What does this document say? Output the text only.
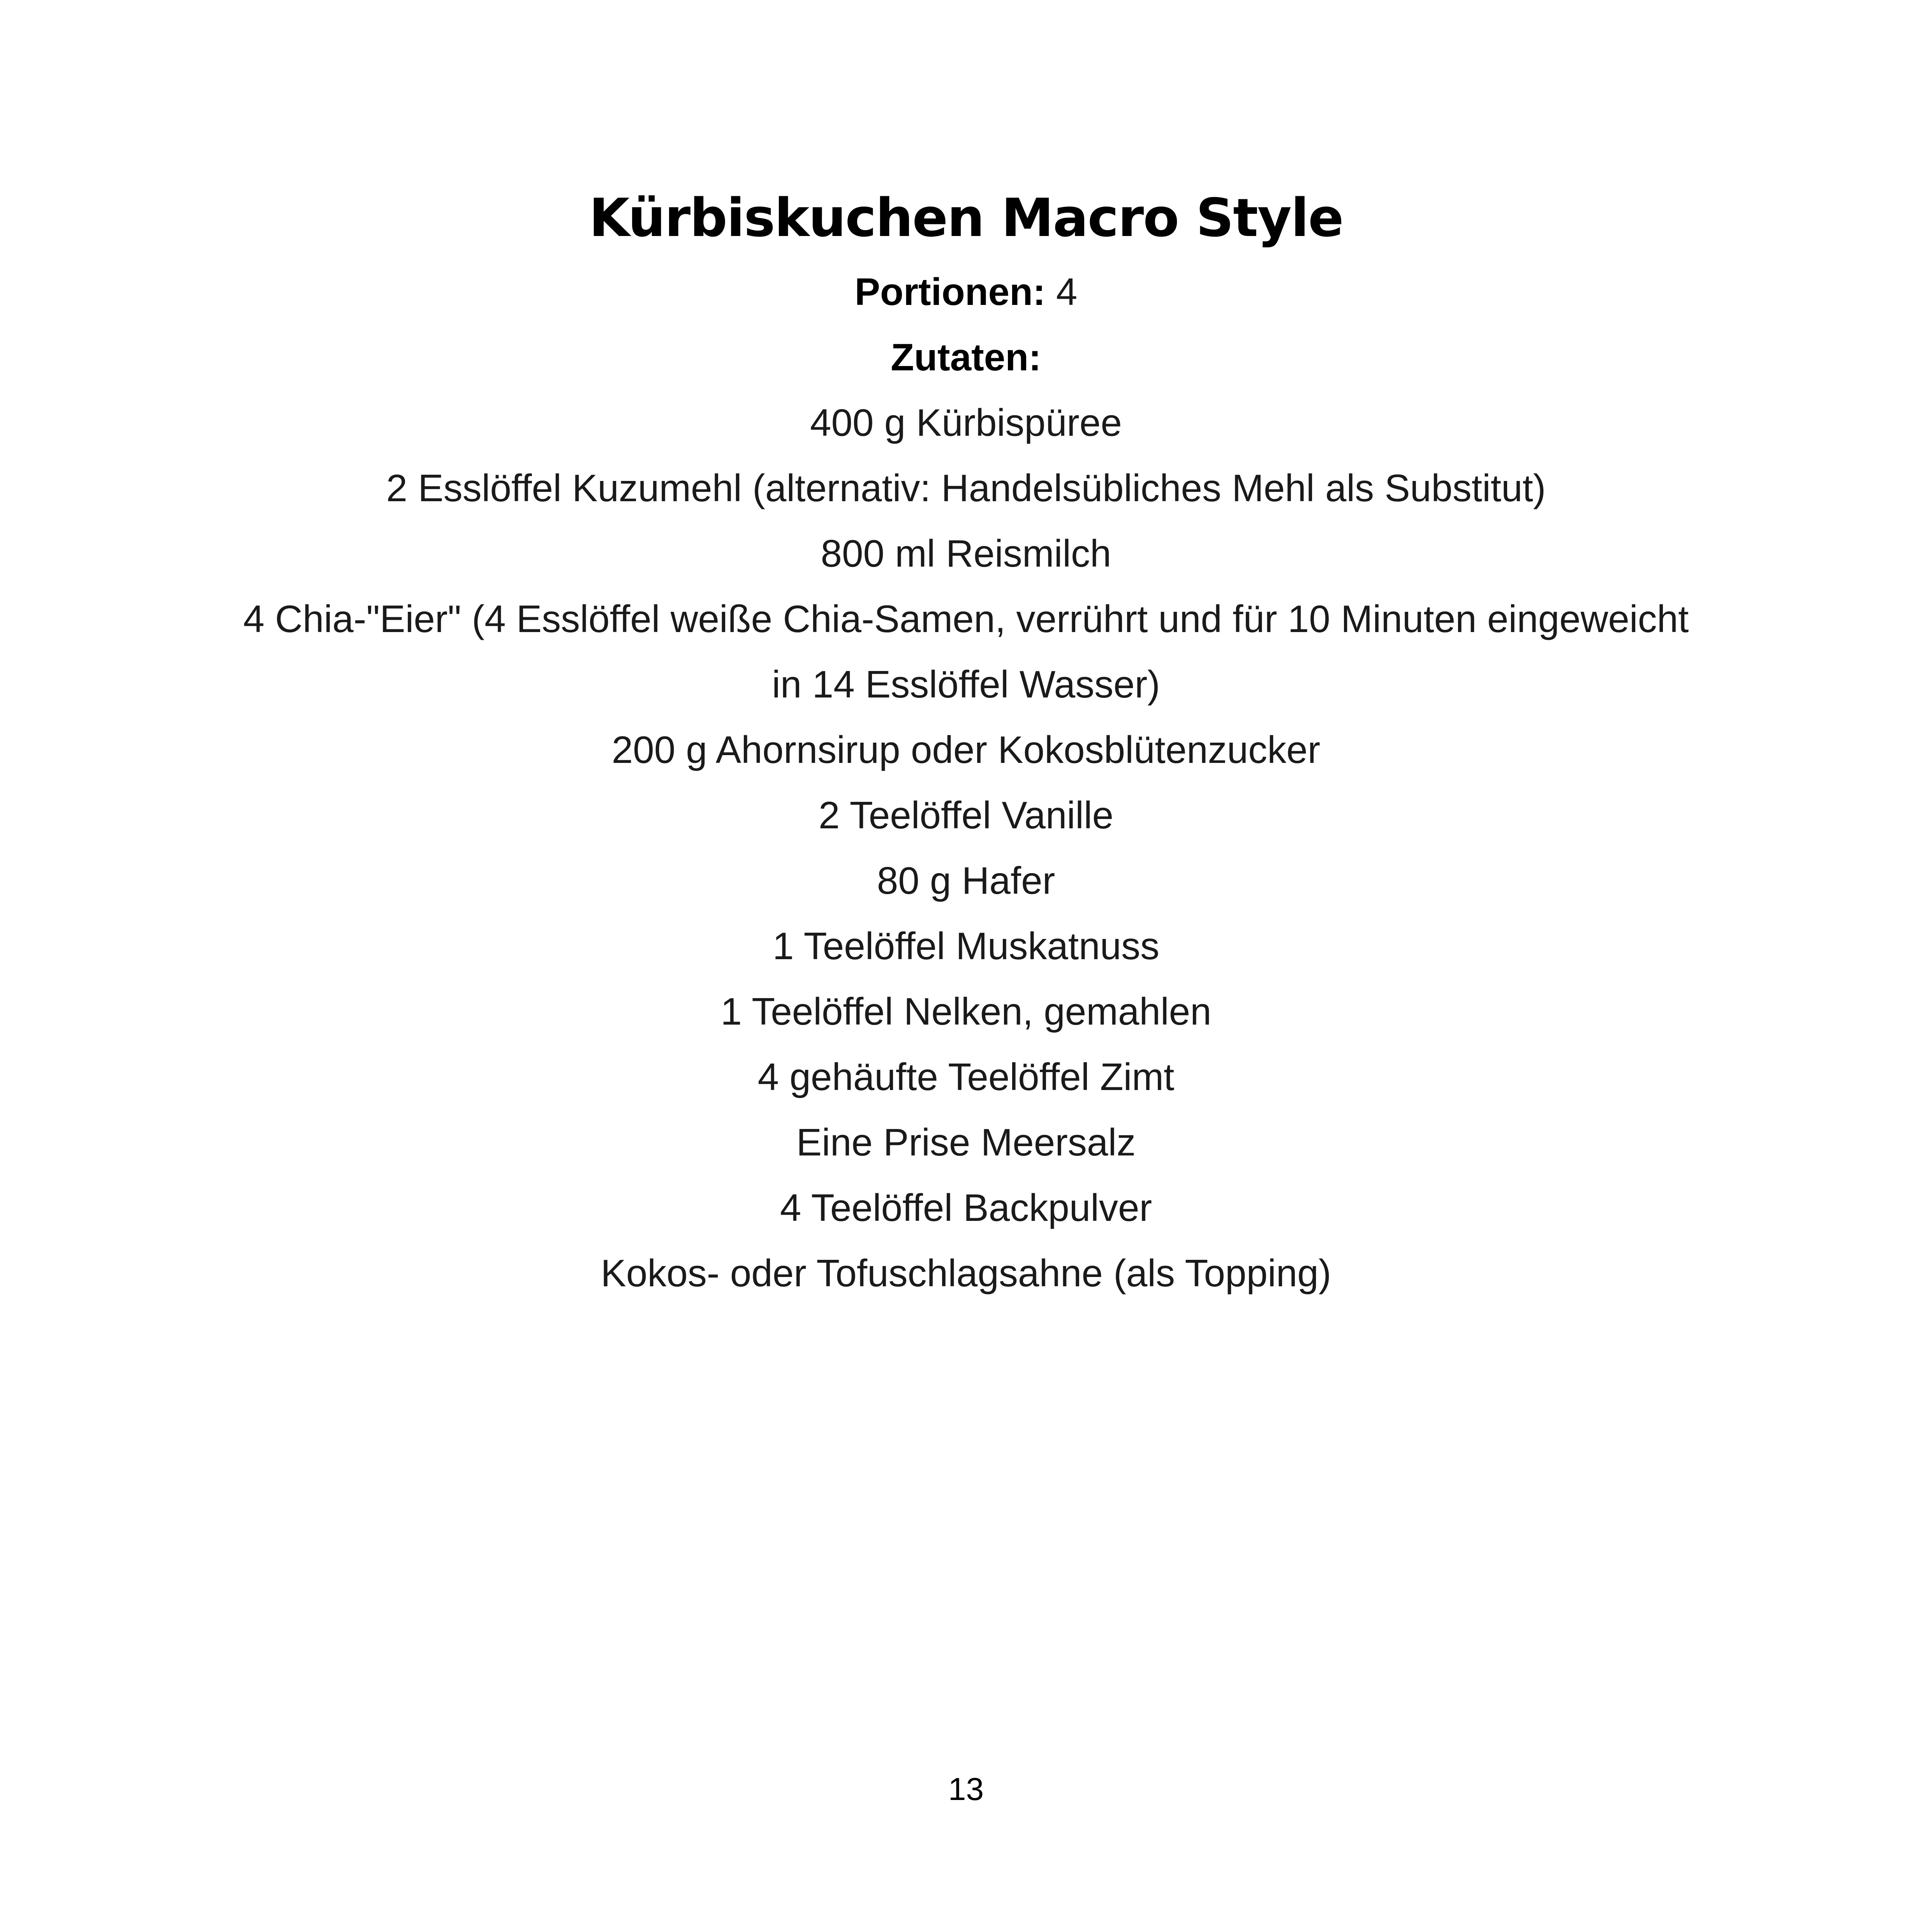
Kürbiskuchen Macro Style
Portionen: 4
Zutaten:
400 g Kürbispüree
2 Esslöffel Kuzumehl (alternativ: Handelsübliches Mehl als Substitut)
800 ml Reismilch
4 Chia-"Eier" (4 Esslöffel weiße Chia-Samen, verrührt und für 10 Minuten eingeweicht
in 14 Esslöffel Wasser)
200 g Ahornsirup oder Kokosblütenzucker
2 Teelöffel Vanille
80 g Hafer
1 Teelöffel Muskatnuss
1 Teelöffel Nelken, gemahlen
4 gehäufte Teelöffel Zimt
Eine Prise Meersalz
4 Teelöffel Backpulver
Kokos- oder Tofuschlagsahne (als Topping)
13
